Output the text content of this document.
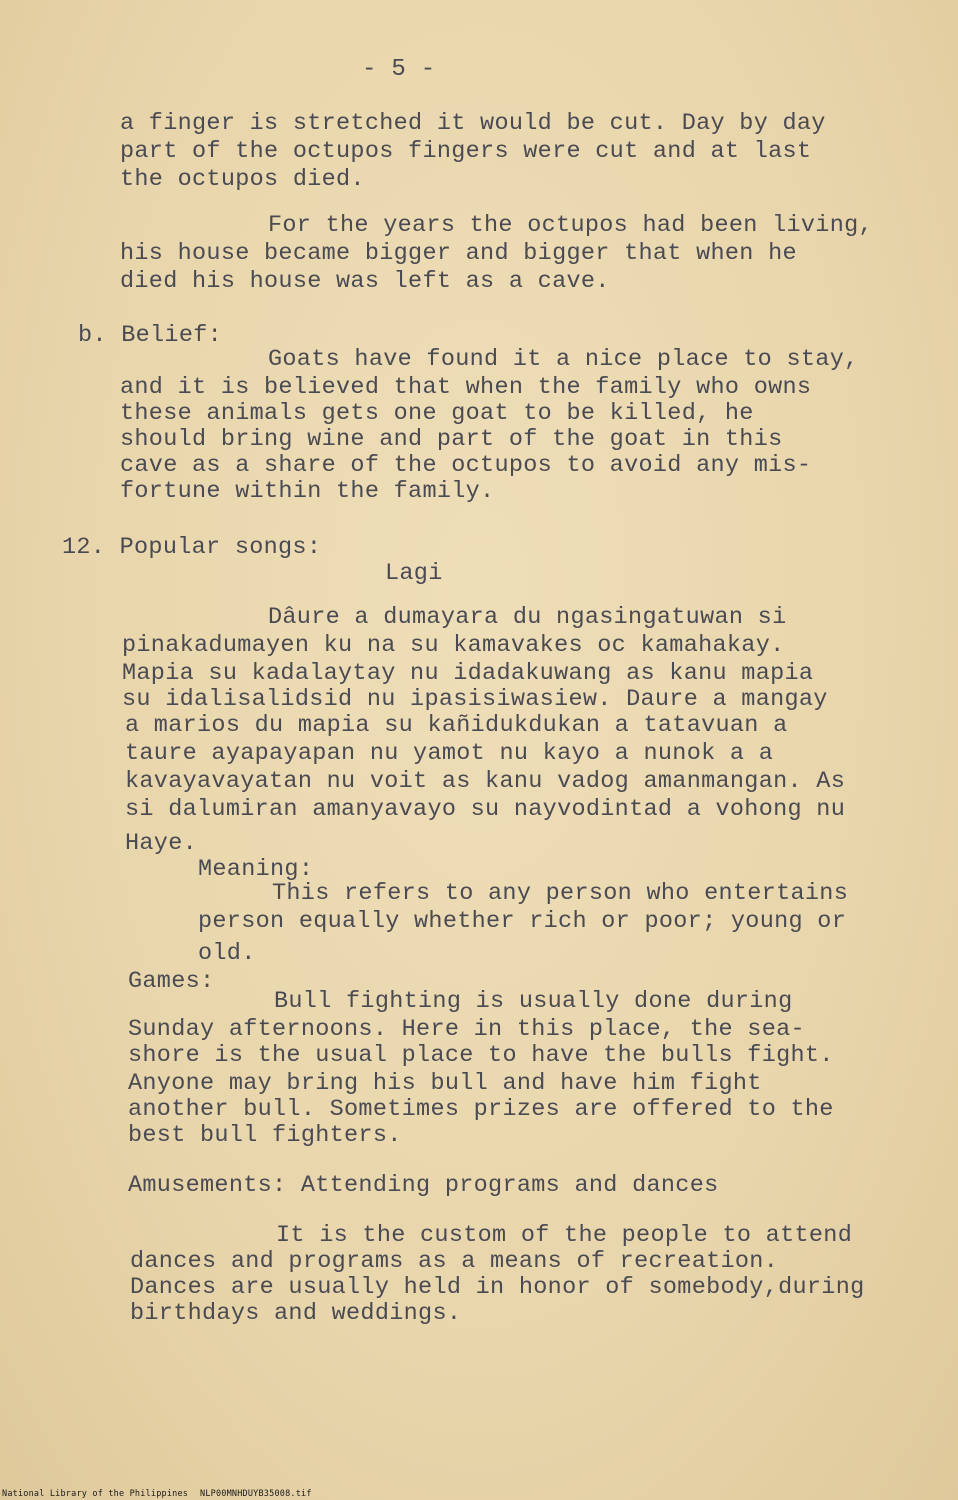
- 5 -
a finger is stretched it would be cut. Day by day
part of the octupos fingers were cut and at last
the octupos died.
For the years the octupos had been living,
his house became bigger and bigger that when he
died his house was left as a cave.
b. Belief:
Goats have found it a nice place to stay,
and it is believed that when the family who owns
these animals gets one goat to be killed, he
should bring wine and part of the goat in this
cave as a share of the octupos to avoid any mis-
fortune within the family.
12. Popular songs:
Lagi
Dâure a dumayara du ngasingatuwan si
pinakadumayen ku na su kamavakes oc kamahakay.
Mapia su kadalaytay nu idadakuwang as kanu mapia
su idalisalidsid nu ipasisiwasiew. Daure a mangay
a marios du mapia su kañidukdukan a tatavuan a
taure ayapayapan nu yamot nu kayo a nunok a a
kavayavayatan nu voit as kanu vadog amanmangan. As
si dalumiran amanyavayo su nayvodintad a vohong nu
Haye.
Meaning:
This refers to any person who entertains
person equally whether rich or poor; young or
old.
Games:
Bull fighting is usually done during
Sunday afternoons. Here in this place, the sea-
shore is the usual place to have the bulls fight.
Anyone may bring his bull and have him fight
another bull. Sometimes prizes are offered to the
best bull fighters.
Amusements: Attending programs and dances
It is the custom of the people to attend
dances and programs as a means of recreation.
Dances are usually held in honor of somebody,during
birthdays and weddings.
National Library of the Philippines NLP00MNHDUYB35008.tif
